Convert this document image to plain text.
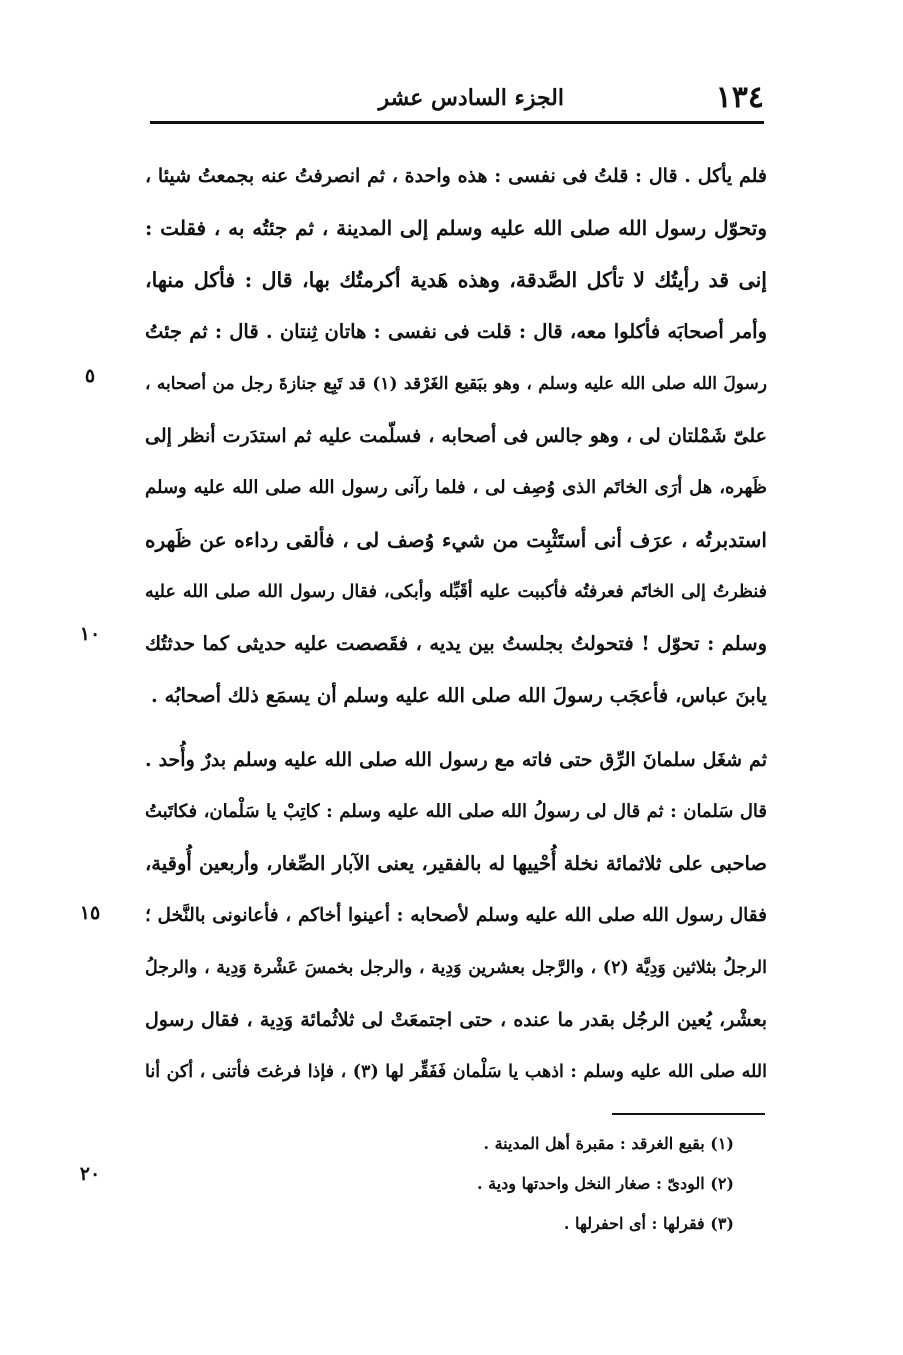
١٣٤
الجزء السادس عشر
فلم يأكل . قال : قلتُ فى نفسى : هذه واحدة ، ثم انصرفتُ عنه بجمعتُ شيئا ،
وتحوّل رسول الله صلى الله عليه وسلم إلى المدينة ، ثم جئتُه به ، فقلت :
إنى قد رأيتُك لا تأكل الصَّدقة، وهذه هَدية أكرمتُك بها، قال : فأكل منها،
وأمر أصحابَه فأكلوا معه، قال : قلت فى نفسى : هاتان ثِنتان . قال : ثم جئتُ
رسولَ الله صلى الله عليه وسلم ، وهو ببَقيع الغَرْقد (١) قد تَبِع جنازةَ رجل من أصحابه ،
علىّ شَمْلتان لى ، وهو جالس فى أصحابه ، فسلّمت عليه ثم استدَرت أنظر إلى
ظَهره، هل أرَى الخاتَم الذى وُصِف لى ، فلما رآنى رسول الله صلى الله عليه وسلم
استدبرتُه ، عرَف أنى أستَثْبِت من شيء وُصف لى ، فألقى رداءه عن ظَهره
فنظرتُ إلى الخاتَم فعرفتُه فأكببت عليه أقَبِّله وأبكى، فقال رسول الله صلى الله عليه
وسلم : تحوّل ! فتحولتُ بجلستُ بين يديه ، فقَصصت عليه حديثى كما حدثتُك
يابنَ عباس، فأعجَب رسولَ الله صلى الله عليه وسلم أن يسمَع ذلك أصحابُه .
ثم شغَل سلمانَ الرِّق حتى فاته مع رسول الله صلى الله عليه وسلم بدرٌ وأُحد .
قال سَلمان : ثم قال لى رسولُ الله صلى الله عليه وسلم : كاتِبْ يا سَلْمان، فكاتَبتُ
صاحبى على ثلاثمائة نخلة أُحْييها له بالفقير، يعنى الآبار الصِّغار، وأربعين أُوقية،
فقال رسول الله صلى الله عليه وسلم لأصحابه : أعينوا أخاكم ، فأعانونى بالنَّخل ؛
الرجلُ بثلاثين وَدِيَّة (٢) ، والرَّجل بعشرين وَدِية ، والرجل بخمسَ عَشْرة وَدِية ، والرجلُ
بعشْر، يُعين الرجُل بقدر ما عنده ، حتى اجتمعَتْ لى ثلاثُمائة وَدِية ، فقال رسول
الله صلى الله عليه وسلم : اذهب يا سَلْمان فَفَقِّر لها (٣) ، فإذا فرغتَ فأتنى ، أكن أنا
٥
١٠
١٥
٢٠
(١) بقيع الغرقد : مقبرة أهل المدينة .
(٢) الودىّ : صغار النخل واحدتها ودية .
(٣) فقرلها : أى احفرلها .
